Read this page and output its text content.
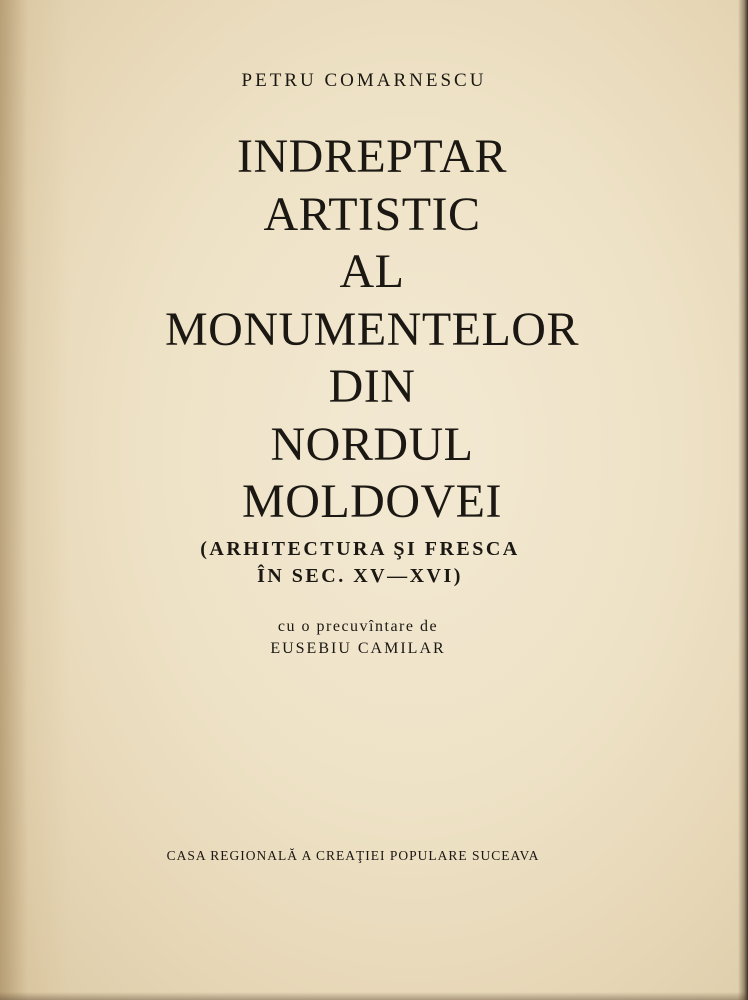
PETRU COMARNESCU
INDREPTAR
ARTISTIC
AL
MONUMENTELOR
DIN
NORDUL
MOLDOVEI
(ARHITECTURA ŞI FRESCA
ÎN SEC. XV—XVI)
cu o precuvîntare de
EUSEBIU CAMILAR
CASA REGIONALĂ A CREAŢIEI POPULARE SUCEAVA
